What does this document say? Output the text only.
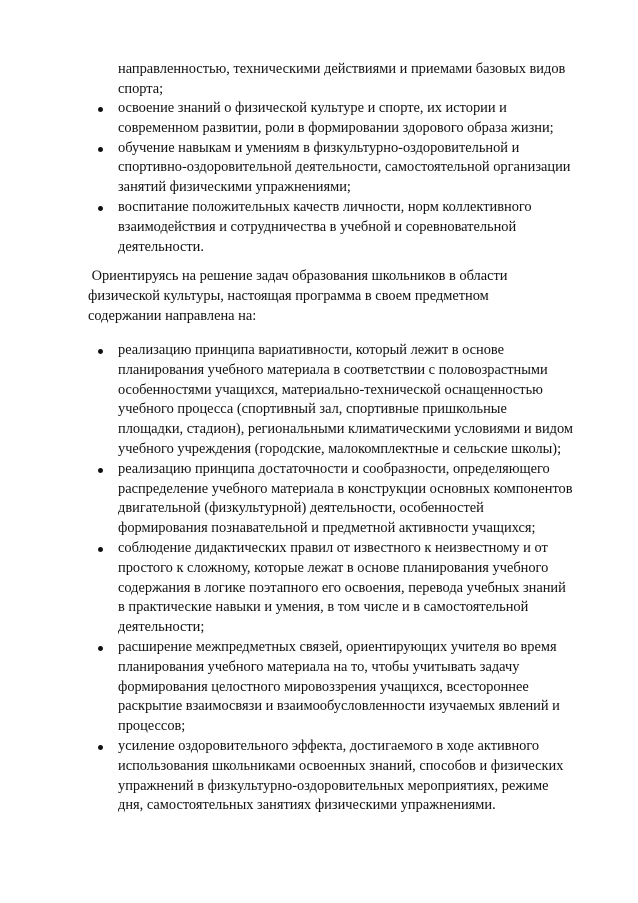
направленностью, техническими действиями и приемами базовых видов
спорта;
освоение знаний о физической культуре и спорте, их истории и
современном развитии, роли в формировании здорового образа жизни;
обучение навыкам и умениям в физкультурно-оздоровительной и
спортивно-оздоровительной деятельности, самостоятельной организации
занятий физическими упражнениями;
воспитание положительных качеств личности, норм коллективного
взаимодействия и сотрудничества в учебной и соревновательной
деятельности.
Ориентируясь на решение задач образования школьников в области
физической культуры, настоящая программа в своем предметном
содержании направлена на:
реализацию принципа вариативности, который лежит в основе
планирования учебного материала в соответствии с половозрастными
особенностями учащихся, материально-технической оснащенностью
учебного процесса (спортивный зал, спортивные пришкольные
площадки, стадион), региональными климатическими условиями и видом
учебного учреждения (городские, малокомплектные и сельские школы);
реализацию принципа достаточности и сообразности, определяющего
распределение учебного материала в конструкции основных компонентов
двигательной (физкультурной) деятельности, особенностей
формирования познавательной и предметной активности учащихся;
соблюдение дидактических правил от известного к неизвестному и от
простого к сложному, которые лежат в основе планирования учебного
содержания в логике поэтапного его освоения, перевода учебных знаний
в практические навыки и умения, в том числе и в самостоятельной
деятельности;
расширение межпредметных связей, ориентирующих учителя во время
планирования учебного материала на то, чтобы учитывать задачу
формирования целостного мировоззрения учащихся, всестороннее
раскрытие взаимосвязи и взаимообусловленности изучаемых явлений и
процессов;
усиление оздоровительного эффекта, достигаемого в ходе активного
использования школьниками освоенных знаний, способов и физических
упражнений в физкультурно-оздоровительных мероприятиях, режиме
дня, самостоятельных занятиях физическими упражнениями.
